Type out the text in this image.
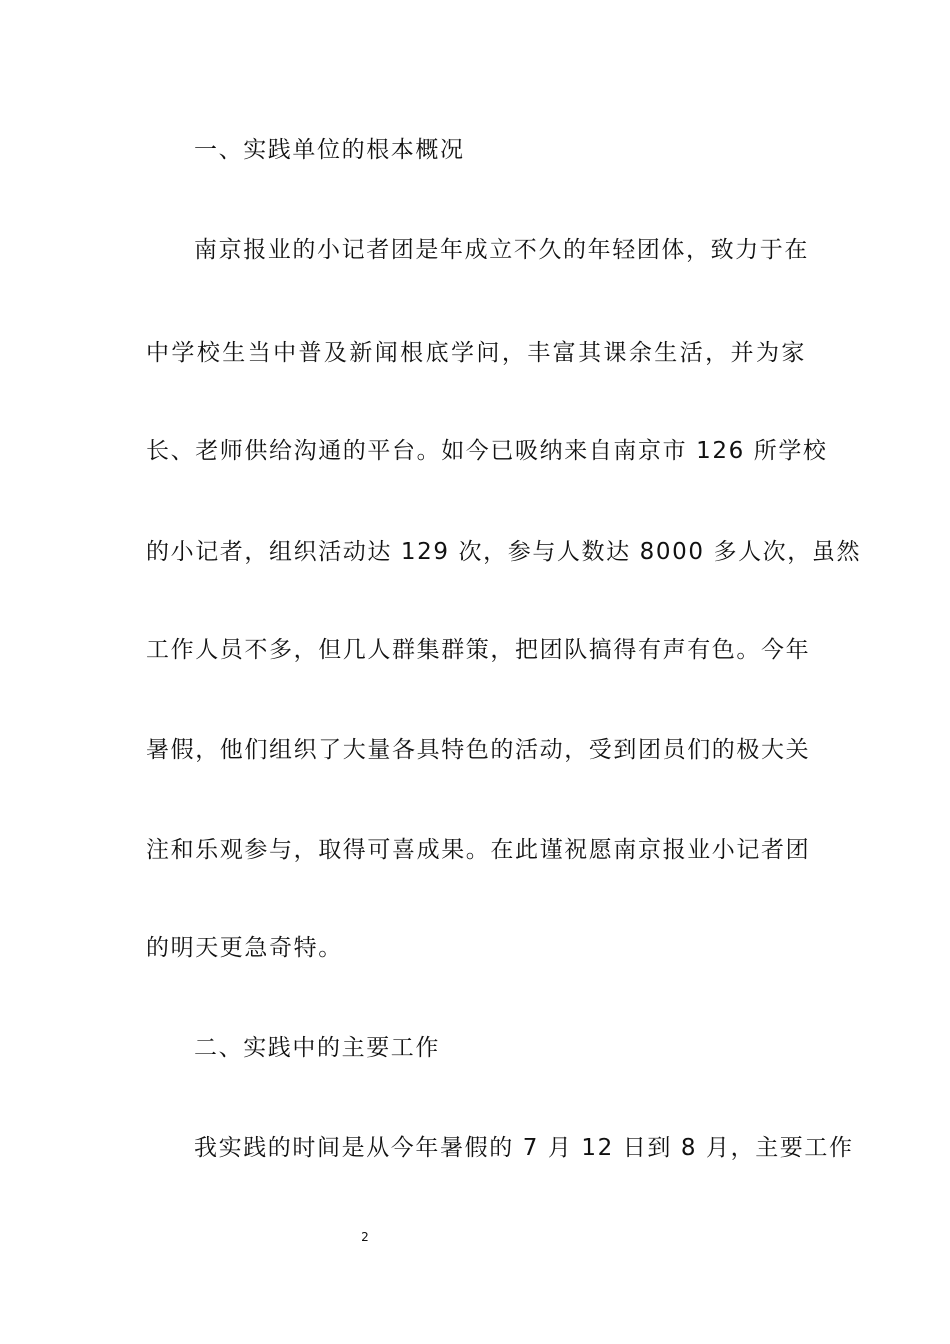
一、实践单位的根本概况
南京报业的小记者团是年成立不久的年轻团体，致力于在
中学校生当中普及新闻根底学问，丰富其课余生活，并为家
长、老师供给沟通的平台。如今已吸纳来自南京市 126 所学校
的小记者，组织活动达 129 次，参与人数达 8000 多人次，虽然
工作人员不多，但几人群集群策，把团队搞得有声有色。今年
暑假，他们组织了大量各具特色的活动，受到团员们的极大关
注和乐观参与，取得可喜成果。在此谨祝愿南京报业小记者团
的明天更急奇特。
二、实践中的主要工作
我实践的时间是从今年暑假的 7 月 12 日到 8 月，主要工作
2
